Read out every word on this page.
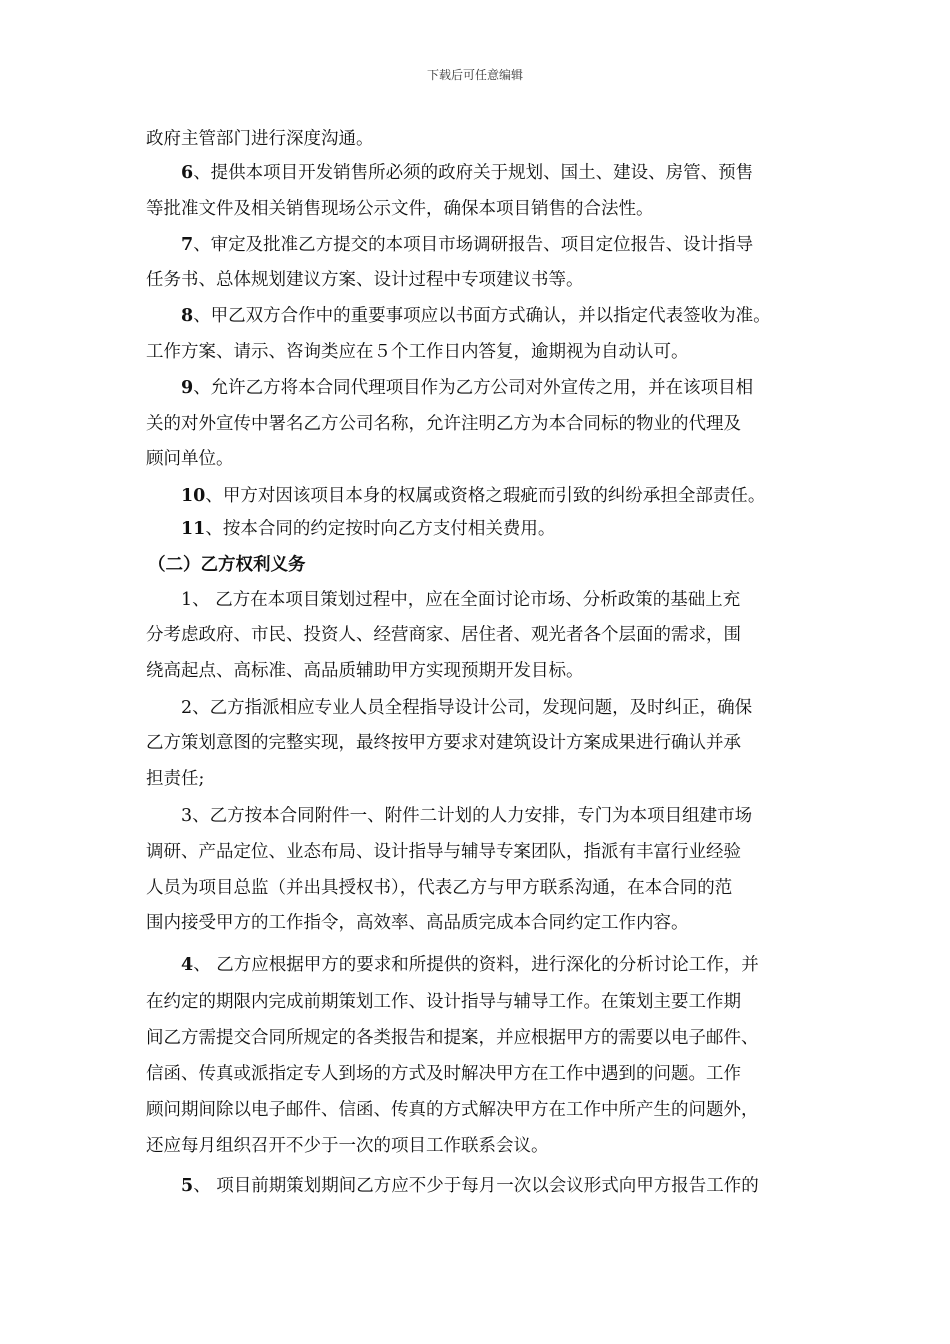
下载后可任意编辑
政府主管部门进行深度沟通。
6、提供本项目开发销售所必须的政府关于规划、国土、建设、房管、预售
等批准文件及相关销售现场公示文件，确保本项目销售的合法性。
7、审定及批准乙方提交的本项目市场调研报告、项目定位报告、设计指导
任务书、总体规划建议方案、设计过程中专项建议书等。
8、甲乙双方合作中的重要事项应以书面方式确认，并以指定代表签收为准。
工作方案、请示、咨询类应在５个工作日内答复，逾期视为自动认可。
9、允许乙方将本合同代理项目作为乙方公司对外宣传之用，并在该项目相
关的对外宣传中署名乙方公司名称，允许注明乙方为本合同标的物业的代理及
顾问单位。
10、甲方对因该项目本身的权属或资格之瑕疵而引致的纠纷承担全部责任。
11、按本合同的约定按时向乙方支付相关费用。
（二）乙方权利义务
1、 乙方在本项目策划过程中，应在全面讨论市场、分析政策的基础上充
分考虑政府、市民、投资人、经营商家、居住者、观光者各个层面的需求，围
绕高起点、高标准、高品质辅助甲方实现预期开发目标。
2、乙方指派相应专业人员全程指导设计公司，发现问题，及时纠正，确保
乙方策划意图的完整实现，最终按甲方要求对建筑设计方案成果进行确认并承
担责任;
3、乙方按本合同附件一、附件二计划的人力安排，专门为本项目组建市场
调研、产品定位、业态布局、设计指导与辅导专案团队，指派有丰富行业经验
人员为项目总监（并出具授权书），代表乙方与甲方联系沟通，在本合同的范
围内接受甲方的工作指令，高效率、高品质完成本合同约定工作内容。
4、 乙方应根据甲方的要求和所提供的资料，进行深化的分析讨论工作，并
在约定的期限内完成前期策划工作、设计指导与辅导工作。在策划主要工作期
间乙方需提交合同所规定的各类报告和提案，并应根据甲方的需要以电子邮件、
信函、传真或派指定专人到场的方式及时解决甲方在工作中遇到的问题。工作
顾问期间除以电子邮件、信函、传真的方式解决甲方在工作中所产生的问题外，
还应每月组织召开不少于一次的项目工作联系会议。
5、 项目前期策划期间乙方应不少于每月一次以会议形式向甲方报告工作的
